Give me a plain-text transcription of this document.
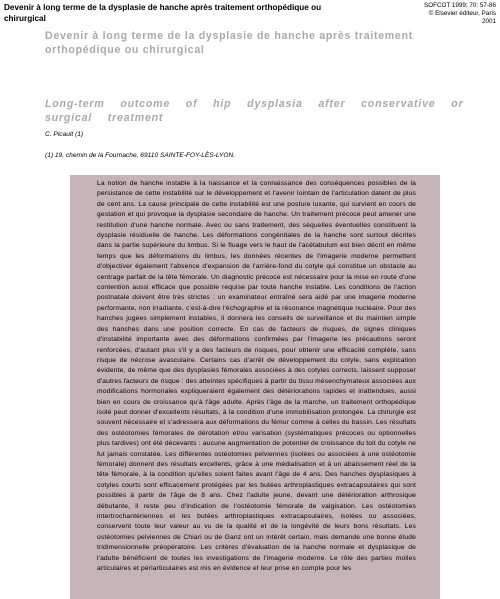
Devenir à long terme de la dysplasie de hanche après traitement orthopédique ou chirurgical
SOFCOT 1999; 70: 57-86
© Elsevier éditeur, Paris
2001
Devenir à long terme de la dysplasie de hanche après traitement orthopédique ou chirurgical
Long-term outcome of hip dysplasia after conservative or surgical treatment
C. Picault (1)
(1) 19, chemin de la Fournache, 69110 SAINTE-FOY-LÈS-LYON.

La notion de hanche instable à la naissance et la connaissance des conséquences possibles de la persistance de cette instabilité sur le développement et l'avenir lointain de l'articulation datent de plus de cent ans. La cause principale de cette instabilité est une posture luxante, qui survient en cours de gestation et qui provoque la dysplasie secondaire de hanche. Un traitement précoce peut amener une restitution d'une hanche normale. Avec ou sans traitement, des séquelles éventuelles constituent la dysplasie résiduelle de hanche. Les déformations congénitales de la hanche sont surtout décrites dans la partie supérieure du limbus. Si le fluage vers le haut de l'acétabulum est bien décrit en même temps que les déformations du limbus, les données récentes de l'imagerie moderne permettent d'objectiver également l'absence d'expansion de l'arrière-fond du cotyle qui constitue un obstacle au centrage parfait de la tête fémorale. Un diagnostic précoce est nécessaire pour la mise en route d'une contention aussi efficace que possible requise par toute hanche instable. Les conditions de l'action postnatale doivent être très strictes : un examinateur entraîné sera aidé par une imagerie moderne performante, non irradiante, c'est-à-dire l'échographie et la résonance magnétique nucléaire. Pour des hanches jugées simplement instables, il donnera les conseils de surveillance et du maintien simple des hanches dans une position correcte. En cas de facteurs de risques, de signes cliniques d'instabilité importante avec des déformations confirmées par l'imagerie les précautions seront renforcées, d'autant plus s'il y a des facteurs de risques, pour obtenir une efficacité complète, sans risque de nécrose avasculaire. Certains cas d'arrêt de développement du cotyle, sans explication évidente, de même que des dysplasies fémorales associées à des cotyles corrects, laissent supposer d'autres facteurs de risque : des atteintes spécifiques à partir du tissu mésenchymateux associées aux modifications hormonales expliqueraient également des détériorations rapides et inattendues, aussi bien en cours de croissance qu'à l'âge adulte. Après l'âge de la marche, un traitement orthopédique isolé peut donner d'excellents résultats, à la condition d'une immobilisation prolongée. La chirurgie est souvent nécessaire et s'adressera aux déformations du fémur comme à celles du bassin. Les résultats des ostéotomies fémorales de dérotation et/ou varisation (systématiques précoces ou optionnelles plus tardives) ont été décevants : aucune augmentation de potentiel de croissance du toit du cotyle ne fut jamais constatée. Les différentes ostéotomies pelviennes (isolées ou associées à une ostéotomie fémorale) donnent des résultats excellents, grâce à une médialisation et à un abaissement réel de la tête fémorale, à la condition qu'elles soient faites avant l'âge de 4 ans. Des hanches dysplasiques à cotyles courts sont efficacement protégées par les butées arthroplastiques extracapsulaires qui sont possibles à partir de l'âge de 8 ans. Chez l'adulte jeune, devant une détérioration arthrosique débutante, il reste peu d'indication de l'ostéotomie fémorale de valgisation. Les ostéotomies intertrochantériennes et les butées arthroplastiques extracapsulaires, isolées ou associées, conservent toute leur valeur au vu de la qualité et de la longévité de leurs bons résultats. Les ostéotomies pelviennes de Chiari ou de Ganz ont un intérêt certain, mais demande une bonne étude tridimensionnelle préopératoire. Les critères d'évaluation de la hanche normale et dysplasique de l'adulte bénéficient de toutes les investigations de l'imagerie moderne. Le rôle des parties molles articulaires et périarticulaires est mis en évidence et leur prise en compte pour les
